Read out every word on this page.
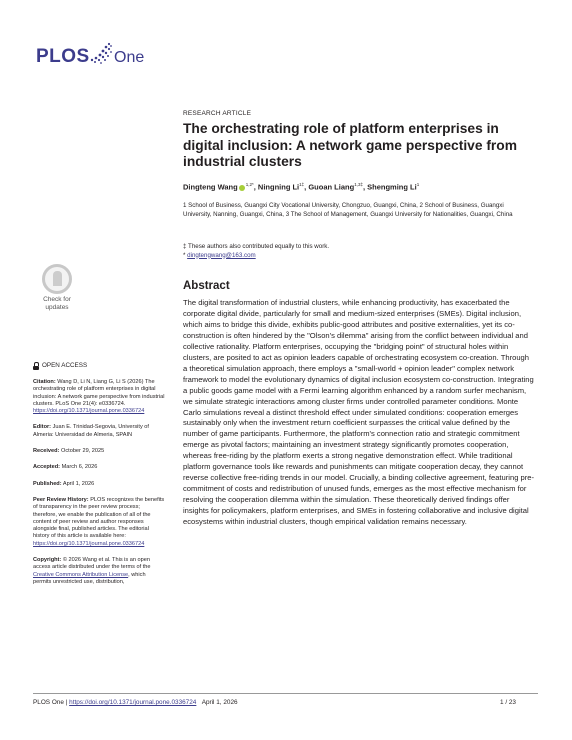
PLOS One
RESEARCH ARTICLE
The orchestrating role of platform enterprises in digital inclusion: A network game perspective from industrial clusters
Dingteng Wang $^{1,2*}$, Ningning $Li^{1\ddagger}$, Guoan Liang$^{1,3\ddagger}$, Shengming Li$^1$
1 School of Business, Guangxi City Vocational University, Chongzuo, Guangxi, China, 2 School of Business, Guangxi University, Nanning, Guangxi, China, 3 The School of Management, Guangxi University for Nationalities, Guangxi, China
‡ These authors also contributed equally to this work.
* dingtengwang@163.com
Check for
updates
Abstract

The digital transformation of industrial clusters, while enhancing productivity, has exacerbated the corporate digital divide, particularly for small and medium-sized enterprises (SMEs). Digital inclusion, which aims to bridge this divide, exhibits public-good attributes and positive externalities, yet its co-construction is often hindered by the "Olson's dilemma" arising from the conflict between individual and collective rationality. Platform enterprises, occupying the "bridging point" of structural holes within clusters, are posited to act as opinion leaders capable of orchestrating ecosystem co-creation. Through a theoretical simulation approach, there employs a "small-world + opinion leader" complex network framework to model the evolutionary dynamics of digital inclusion ecosystem co-construction. Integrating a public goods game model with a Fermi learning algorithm enhanced by a random surfer mechanism, we simulate strategic interactions among cluster firms under controlled parameter conditions. Monte Carlo simulations reveal a distinct threshold effect under simulated conditions: cooperation emerges sustainably only when the investment return coefficient surpasses the critical value defined by the number of game participants. Furthermore, the platform's connection ratio and strategic commitment emerge as pivotal factors; maintaining an investment strategy significantly promotes cooperation, whereas free-riding by the platform exerts a strong negative demonstration effect. While traditional platform governance tools like rewards and punishments can mitigate cooperation decay, they cannot reverse collective free-riding trends in our model. Crucially, a binding collective agreement, featuring pre-commitment of costs and redistribution of unused funds, emerges as the most effective mechanism for resolving the cooperation dilemma within the simulation. These theoretically derived findings offer insights for policymakers, platform enterprises, and SMEs in fostering collaborative and inclusive digital ecosystems within industrial clusters, though empirical validation remains necessary.

OPEN ACCESS
Citation: Wang D, Li N, Liang G, Li S (2026) The orchestrating role of platform enterprises in digital inclusion: A network game perspective from industrial clusters. PLoS One 21(4): e0336724. https://doi.org/10.1371/journal.pone.0336724
Editor: Juan E. Trinidad-Segovia, University of Almeria: Universidad de Almeria, SPAIN
Received: October 29, 2025
Accepted: March 6, 2026
Published: April 1, 2026
Peer Review History: PLOS recognizes the benefits of transparency in the peer review process; therefore, we enable the publication of all of the content of peer review and author responses alongside final, published articles. The editorial history of this article is available here: https://doi.org/10.1371/journal.pone.0336724
Copyright: © 2026 Wang et al. This is an open access article distributed under the terms of the Creative Commons Attribution License, which permits unrestricted use, distribution,
PLOS One | https://doi.org/10.1371/journal.pone.0336724 April 1, 2026	1 / 23
